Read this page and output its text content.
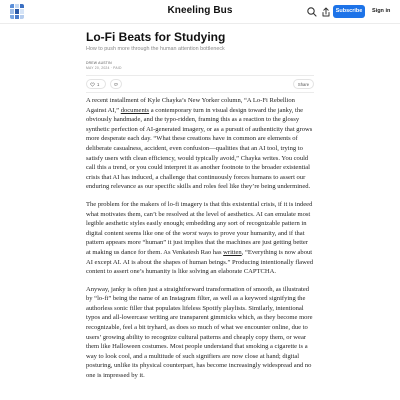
Kneeling Bus	Subscribe	Sign in
Lo-Fi Beats for Studying
How to push more through the human attention bottleneck
DREW AUSTIN
MAY 20, 2024 · PAID
1	Share

A recent installment of Kyle Chayka’s New Yorker column, “A Lo-Fi Rebellion Against AI,” documents a contemporary turn in visual design toward the janky, the obviously handmade, and the typo-ridden, framing this as a reaction to the glossy synthetic perfection of AI-generated imagery, or as a pursuit of authenticity that grows more desperate each day. “What these creations have in common are elements of deliberate casualness, accident, even confusion—qualities that an AI tool, trying to satisfy users with clean efficiency, would typically avoid,” Chayka writes. You could call this a trend, or you could interpret it as another footnote to the broader existential crisis that AI has induced, a challenge that continuously forces humans to assert our enduring relevance as our specific skills and roles feel like they’re being undermined.

The problem for the makers of lo-fi imagery is that this existential crisis, if it is indeed what motivates them, can’t be resolved at the level of aesthetics. AI can emulate most legible aesthetic styles easily enough; embedding any sort of recognizable pattern in digital content seems like one of the worst ways to prove your humanity, and if that pattern appears more “human” it just implies that the machines are just getting better at making us dance for them. As Venkatesh Rao has written, “Everything is now about AI except AI. AI is about the shapes of human beings.” Producing intentionally flawed content to assert one’s humanity is like solving an elaborate CAPTCHA.

Anyway, janky is often just a straightforward transformation of smooth, as illustrated by “lo-fi” being the name of an Instagram filter, as well as a keyword signifying the authorless sonic filler that populates lifeless Spotify playlists. Similarly, intentional typos and all-lowercase writing are transparent gimmicks which, as they become more recognizable, feel a bit tryhard, as does so much of what we encounter online, due to users’ growing ability to recognize cultural patterns and cheaply copy them, or wear them like Halloween costumes. Most people understand that smoking a cigarette is a way to look cool, and a multitude of such signifiers are now close at hand; digital posturing, unlike its physical counterpart, has become increasingly widespread and no one is impressed by it.
